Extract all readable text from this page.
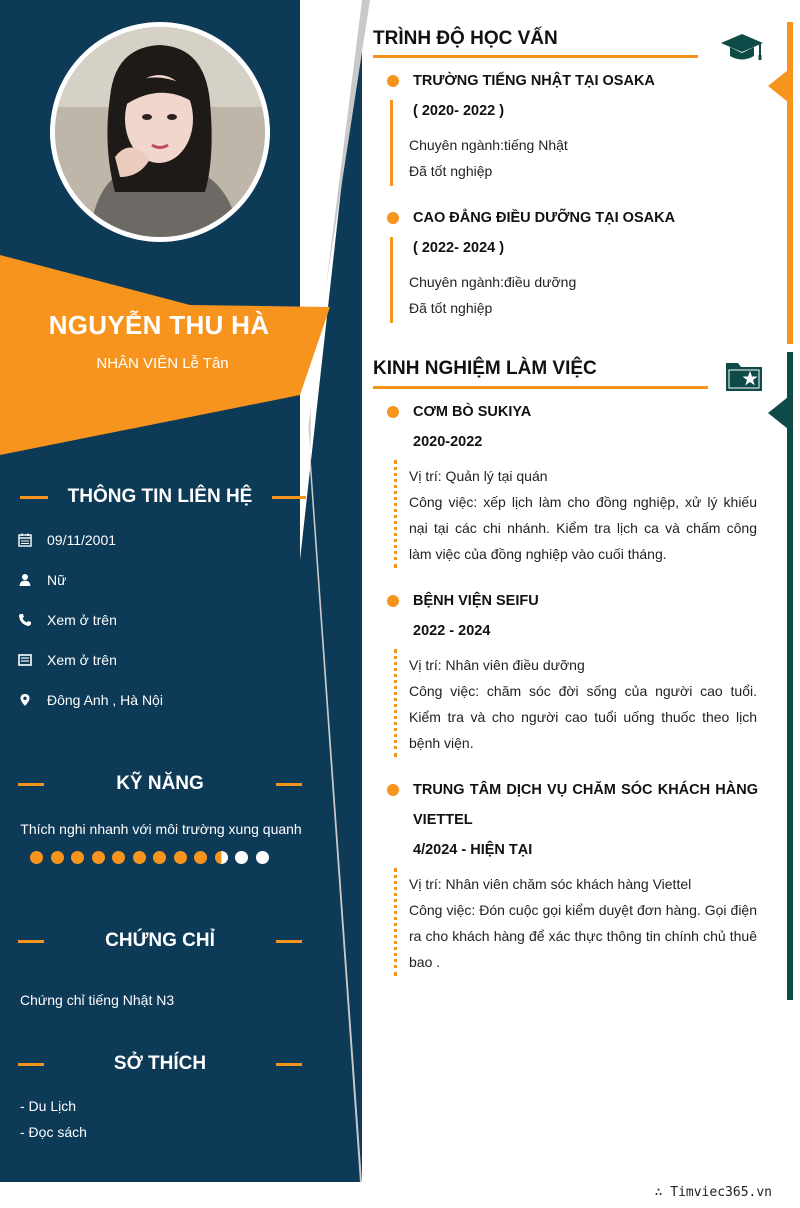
NGUYỄN THU HÀ
NHÂN VIÊN Lễ Tân
THÔNG TIN LIÊN HỆ
09/11/2001
Nữ
Xem ở trên
Xem ở trên
Đông Anh , Hà Nội
KỸ NĂNG
Thích nghi nhanh với môi trường xung quanh
CHỨNG CHỈ
Chứng chỉ tiếng Nhật N3
SỞ THÍCH
- Du Lịch
- Đọc sách
TRÌNH ĐỘ HỌC VẤN
TRƯỜNG TIẾNG NHẬT TẠI OSAKA
( 2020- 2022 )
Chuyên ngành:tiếng Nhật
Đã tốt nghiệp
CAO ĐẲNG ĐIỀU DƯỠNG TẠI OSAKA
( 2022- 2024 )
Chuyên ngành:điều dưỡng
Đã tốt nghiệp
KINH NGHIỆM LÀM VIỆC
CƠM BÒ SUKIYA
2020-2022
Vị trí: Quản lý tại quán
Công việc: xếp lịch làm cho đồng nghiệp, xử lý khiếu nại tại các chi nhánh. Kiểm tra lịch ca và chấm công làm việc của đồng nghiệp vào cuối tháng.
BỆNH VIỆN SEIFU
2022 - 2024
Vị trí: Nhân viên điều dưỡng
Công việc: chăm sóc đời sống của người cao tuổi. Kiểm tra và cho người cao tuổi uống thuốc theo lịch bệnh viện.
TRUNG TÂM DỊCH VỤ CHĂM SÓC KHÁCH HÀNG
VIETTEL
4/2024 - HIỆN TẠI
Vị trí: Nhân viên chăm sóc khách hàng Viettel
Công việc: Đón cuộc gọi kiểm duyệt đơn hàng. Gọi điện ra cho khách hàng để xác thực thông tin chính chủ thuê bao .
∴ Timviec365.vn
